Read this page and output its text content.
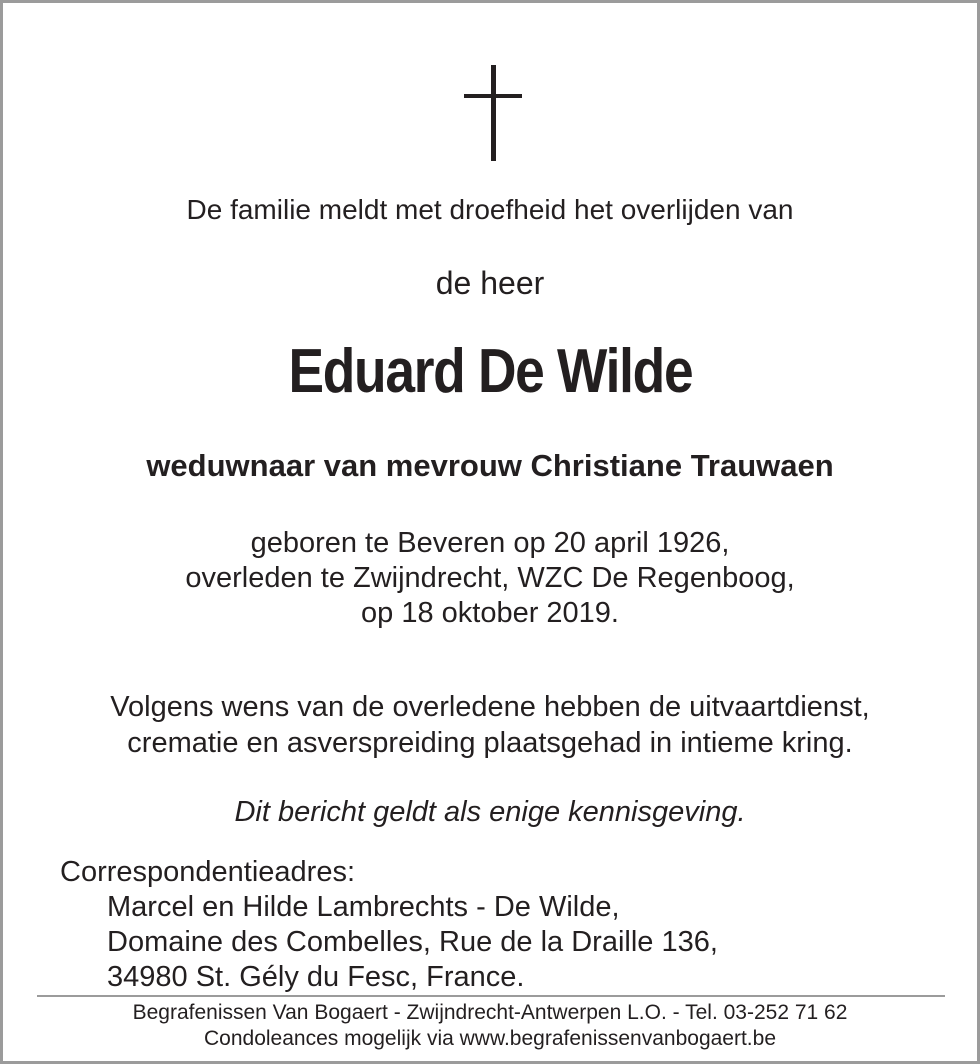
De familie meldt met droefheid het overlijden van
de heer
Eduard De Wilde
weduwnaar van mevrouw Christiane Trauwaen
geboren te Beveren op 20 april 1926,
overleden te Zwijndrecht, WZC De Regenboog,
op 18 oktober 2019.
Volgens wens van de overledene hebben de uitvaartdienst,
crematie en asverspreiding plaatsgehad in intieme kring.
Dit bericht geldt als enige kennisgeving.
Correspondentieadres:
Marcel en Hilde Lambrechts - De Wilde,
Domaine des Combelles, Rue de la Draille 136,
34980 St. Gély du Fesc, France.
Begrafenissen Van Bogaert - Zwijndrecht-Antwerpen L.O. - Tel. 03-252 71 62
Condoleances mogelijk via www.begrafenissenvanbogaert.be
